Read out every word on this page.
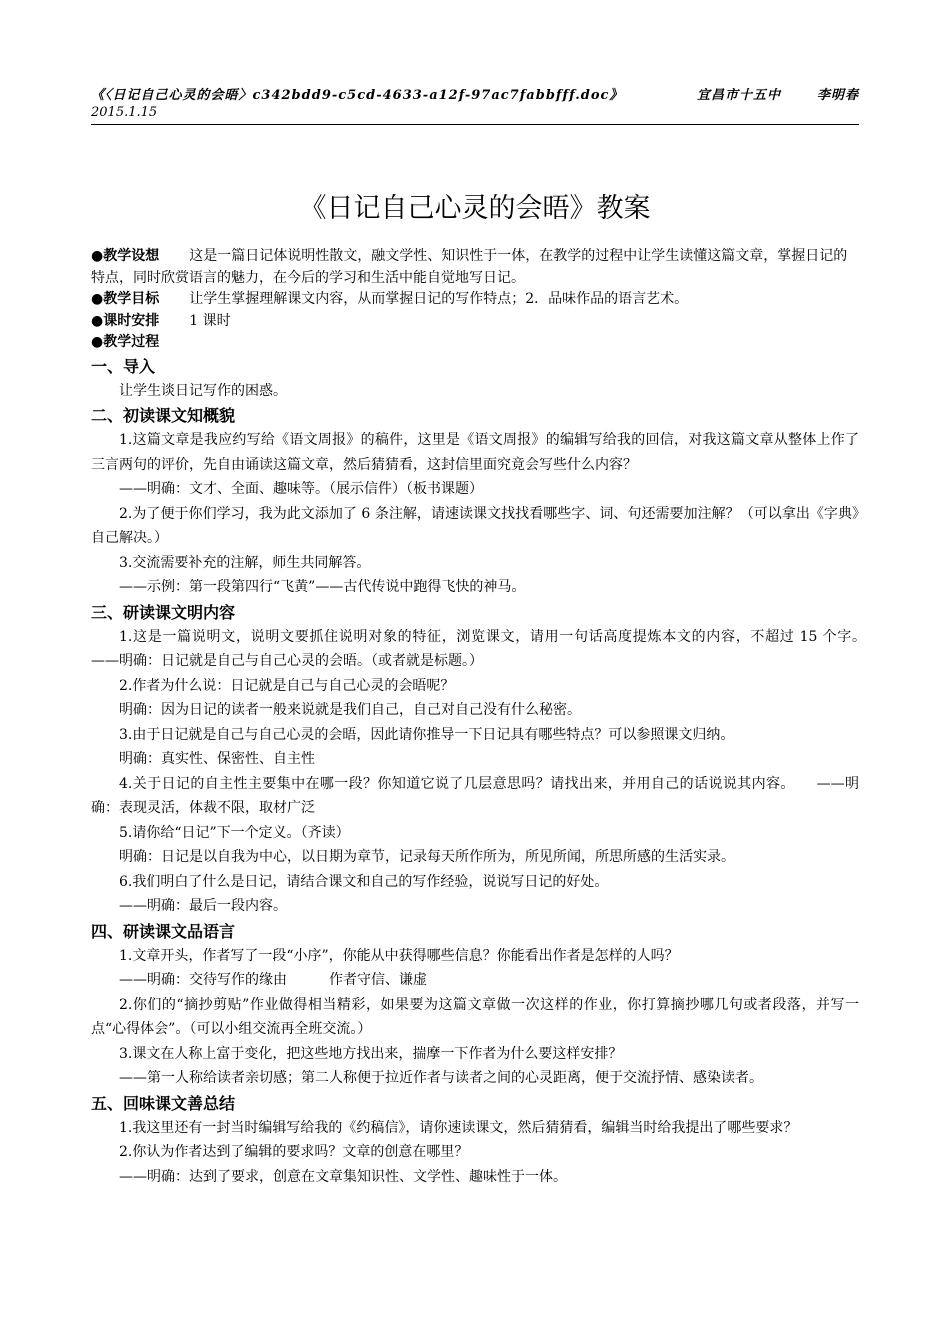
《〈日记自己心灵的会晤〉c342bdd9-c5cd-4633-a12f-97ac7fabbfff.doc》	宜昌市十五中	李明春
2015.1.15
《日记自己心灵的会晤》教案

●教学设想 这是一篇日记体说明性散文，融文学性、知识性于一体，在教学的过程中让学生读懂这篇文章，掌握日记的特点，同时欣赏语言的魅力，在今后的学习和生活中能自觉地写日记。

●教学目标 让学生掌握理解课文内容，从而掌握日记的写作特点；2．品味作品的语言艺术。

●课时安排 1 课时

●教学过程

一、导入

让学生谈日记写作的困惑。

二、初读课文知概貌

1.这篇文章是我应约写给《语文周报》的稿件，这里是《语文周报》的编辑写给我的回信，对我这篇文章从整体上作了三言两句的评价，先自由诵读这篇文章，然后猜猜看，这封信里面究竟会写些什么内容？

——明确：文才、全面、趣味等。（展示信件）（板书课题）

2.为了便于你们学习，我为此文添加了 6 条注解，请速读课文找找看哪些字、词、句还需要加注解？（可以拿出《字典》自己解决。）

3.交流需要补充的注解，师生共同解答。

——示例：第一段第四行“飞黄”——古代传说中跑得飞快的神马。

三、研读课文明内容

1.这是一篇说明文，说明文要抓住说明对象的特征，浏览课文，请用一句话高度提炼本文的内容，不超过 15 个字。　　——明确：日记就是自己与自己心灵的会晤。（或者就是标题。）

2.作者为什么说：日记就是自己与自己心灵的会晤呢？

明确：因为日记的读者一般来说就是我们自己，自己对自己没有什么秘密。

3.由于日记就是自己与自己心灵的会晤，因此请你推导一下日记具有哪些特点？可以参照课文归纳。

明确：真实性、保密性、自主性

4.关于日记的自主性主要集中在哪一段？你知道它说了几层意思吗？请找出来，并用自己的话说说其内容。　　——明确：表现灵活，体裁不限，取材广泛

5.请你给“日记”下一个定义。（齐读）

明确：日记是以自我为中心，以日期为章节，记录每天所作所为，所见所闻，所思所感的生活实录。

6.我们明白了什么是日记，请结合课文和自己的写作经验，说说写日记的好处。

——明确：最后一段内容。

四、研读课文品语言

1.文章开头，作者写了一段“小序”，你能从中获得哪些信息？你能看出作者是怎样的人吗？

——明确：交待写作的缘由　　　作者守信、谦虚

2.你们的“摘抄剪贴”作业做得相当精彩，如果要为这篇文章做一次这样的作业，你打算摘抄哪几句或者段落，并写一点“心得体会”。（可以小组交流再全班交流。）

3.课文在人称上富于变化，把这些地方找出来，揣摩一下作者为什么要这样安排？

——第一人称给读者亲切感；第二人称便于拉近作者与读者之间的心灵距离，便于交流抒情、感染读者。

五、回味课文善总结

1.我这里还有一封当时编辑写给我的《约稿信》，请你速读课文，然后猜猜看，编辑当时给我提出了哪些要求？

2.你认为作者达到了编辑的要求吗？文章的创意在哪里？

——明确：达到了要求，创意在文章集知识性、文学性、趣味性于一体。
